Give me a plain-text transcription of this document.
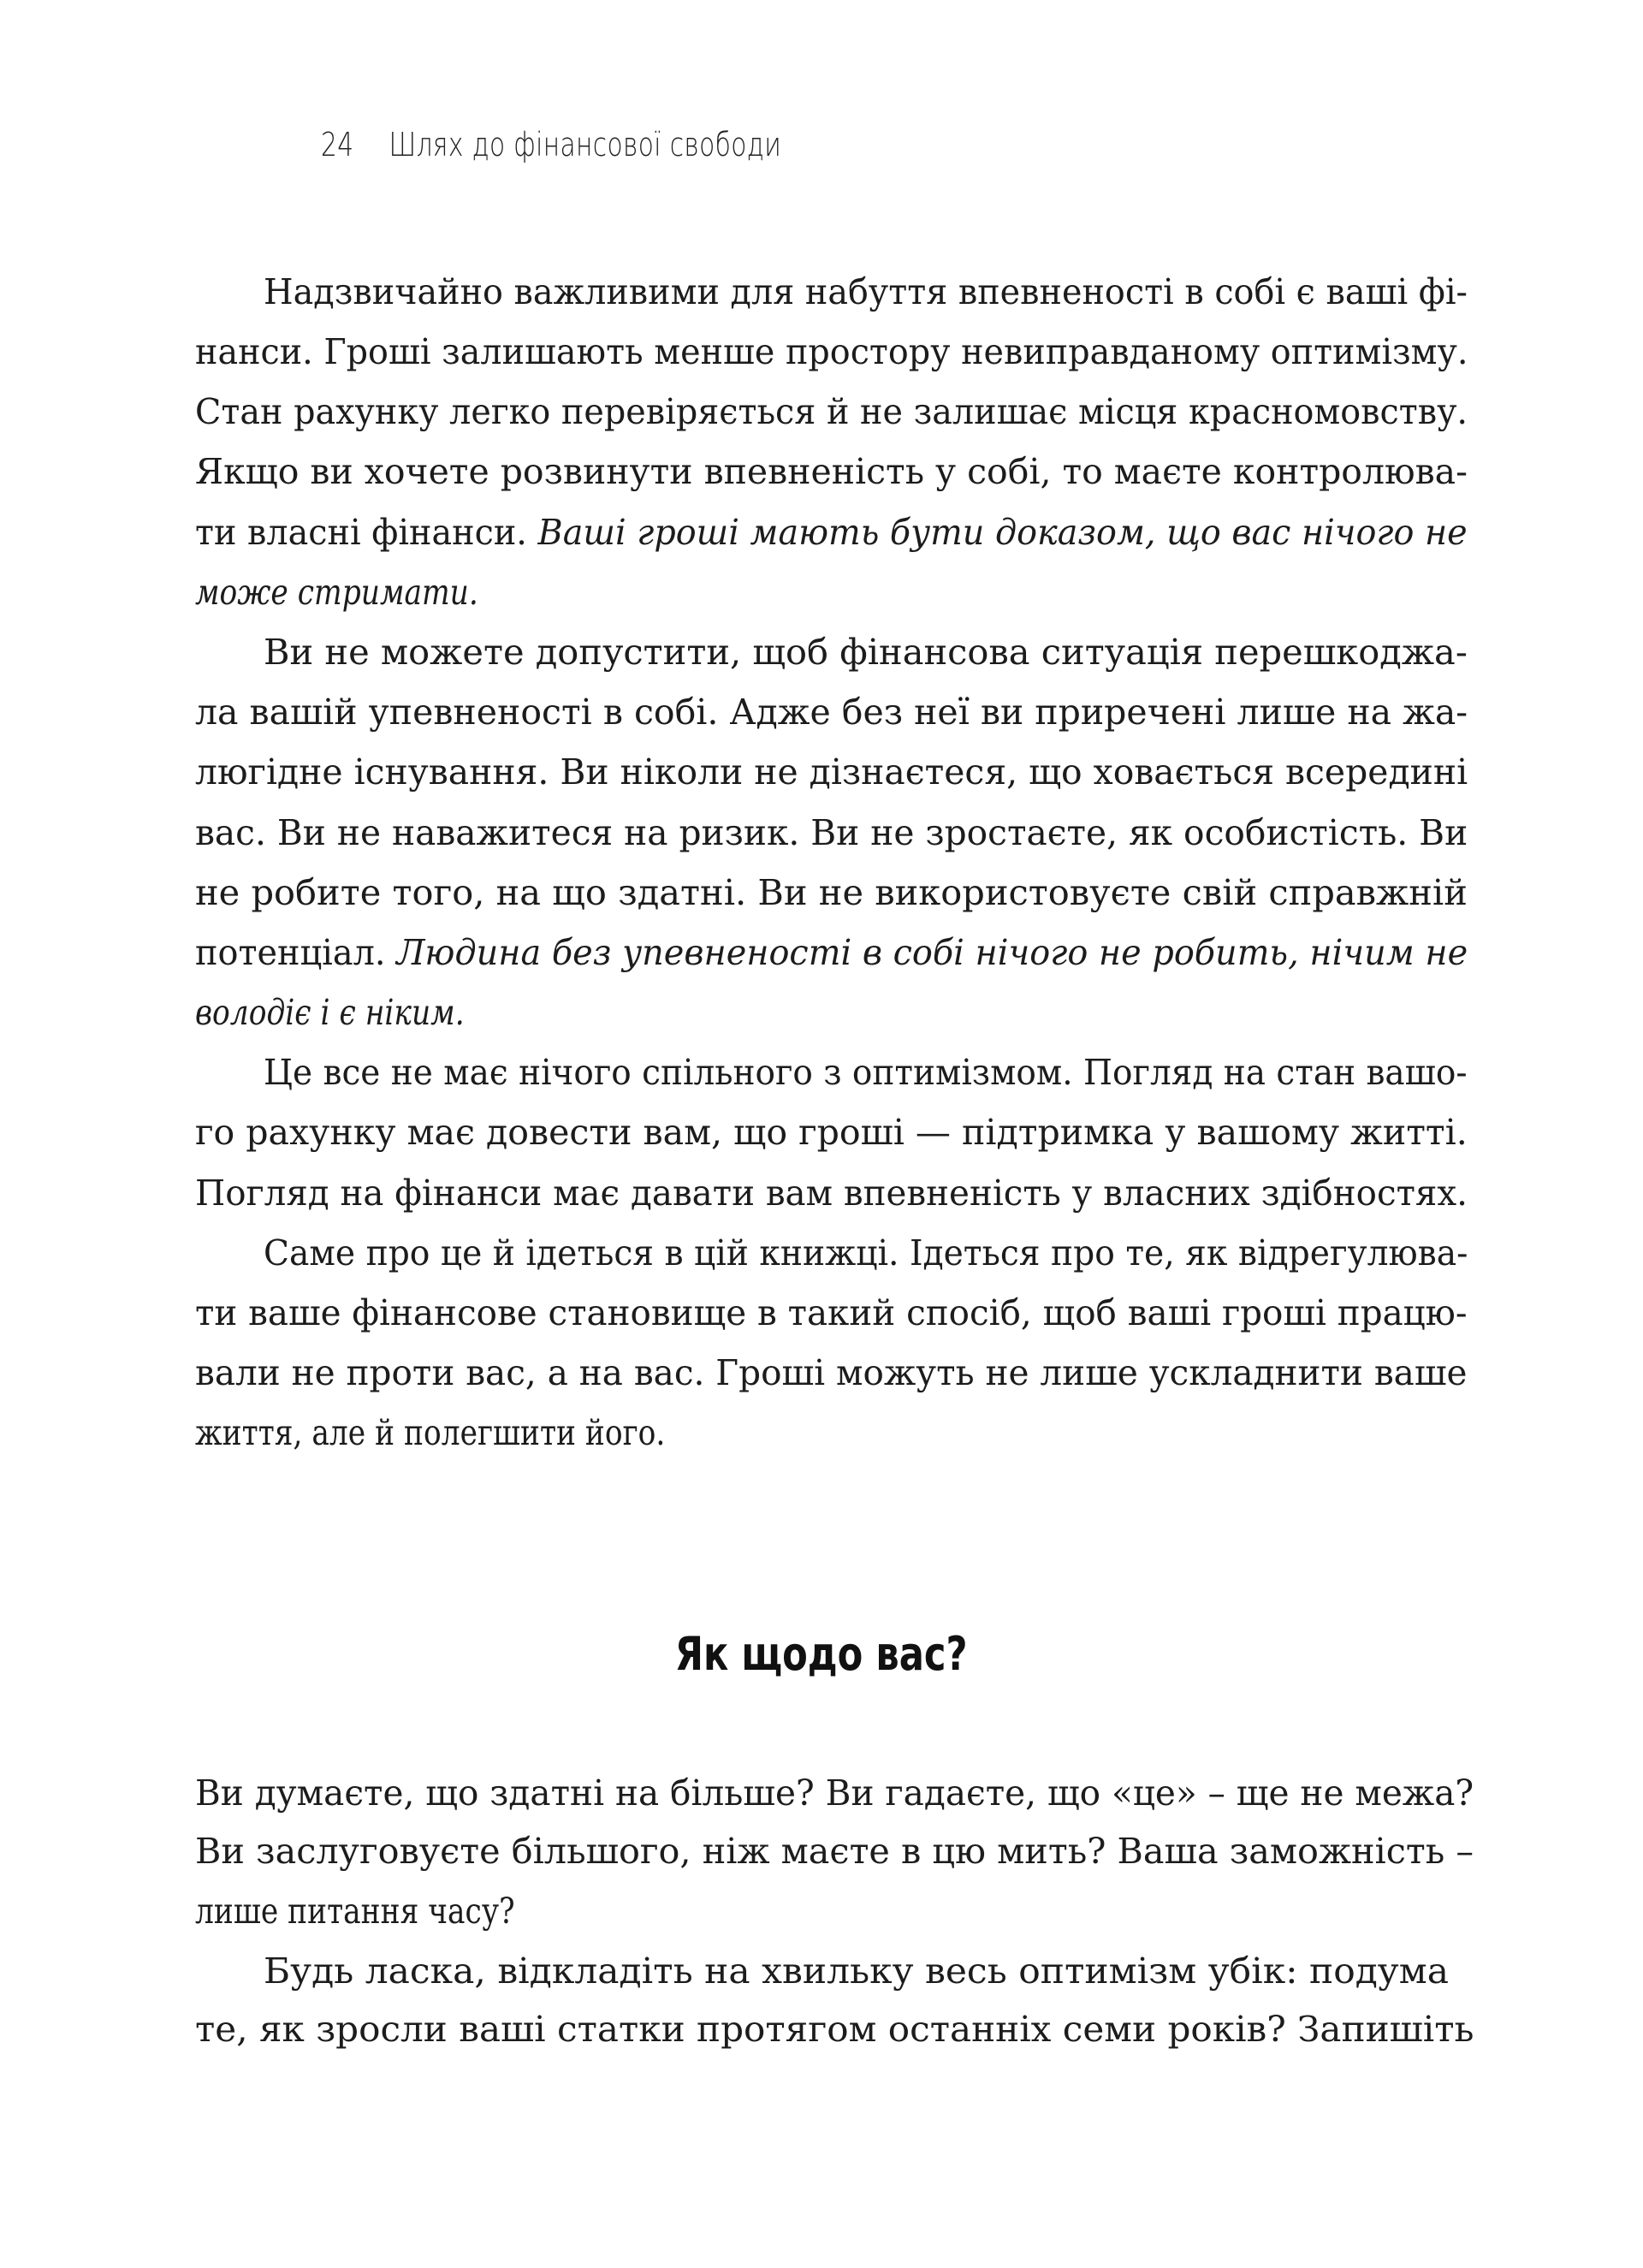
24 Шлях до фінансової свободи
Надзвичайно важливими для набуття впевненості в собі є ваші фі-
нанси. Гроші залишають менше простору невиправданому оптимізму.
Стан рахунку легко перевіряється й не залишає місця красномовству.
Якщо ви хочете розвинути впевненість у собі, то маєте контролюва-
ти власні фінанси. Ваші гроші мають бути доказом, що вас нічого не
може стримати.
Ви не можете допустити, щоб фінансова ситуація перешкоджа-
ла вашій упевненості в собі. Адже без неї ви приречені лише на жа-
люгідне існування. Ви ніколи не дізнаєтеся, що ховається всередині
вас. Ви не наважитеся на ризик. Ви не зростаєте, як особистість. Ви
не робите того, на що здатні. Ви не використовуєте свій справжній
потенціал. Людина без упевненості в собі нічого не робить, нічим не
володіє і є ніким.
Це все не має нічого спільного з оптимізмом. Погляд на стан вашо-
го рахунку має довести вам, що гроші — підтримка у вашому житті.
Погляд на фінанси має давати вам впевненість у власних здібностях.
Саме про це й ідеться в цій книжці. Ідеться про те, як відрегулюва-
ти ваше фінансове становище в такий спосіб, щоб ваші гроші працю-
вали не проти вас, а на вас. Гроші можуть не лише ускладнити ваше
життя, але й полегшити його.
Як щодо вас?
Ви думаєте, що здатні на більше? Ви гадаєте, що «це» – ще не межа?
Ви заслуговуєте більшого, ніж маєте в цю мить? Ваша заможність –
лише питання часу?
Будь ласка, відкладіть на хвильку весь оптимізм убік: подума
те, як зросли ваші статки протягом останніх семи років? Запишіть
